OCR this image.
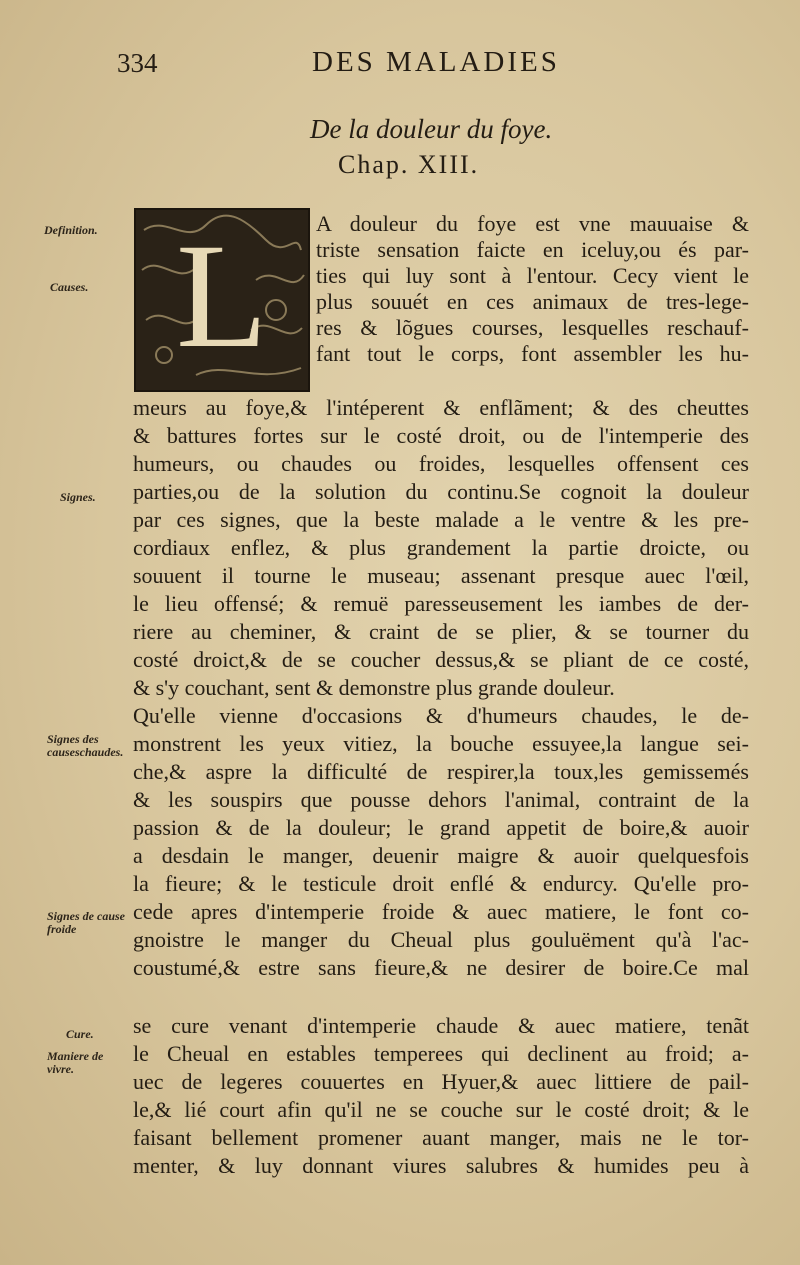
334	DES MALADIES
De la douleur du foye.
Chap. XIII.
L
Definition.
Causes.
Signes.
Signes des causeschaudes.
Signes de cause froide
Cure.
Maniere de vivre.
A douleur du foye est vne mauuaise &
triste sensation faicte en iceluy,ou és par-
ties qui luy sont à l'entour. Cecy vient le
plus souuét en ces animaux de tres-lege-
res & lõgues courses, lesquelles reschauf-
fant tout le corps, font assembler les hu-
meurs au foye,& l'intéperent & enflãment; & des cheuttes
& battures fortes sur le costé droit, ou de l'intemperie des
humeurs, ou chaudes ou froides, lesquelles offensent ces
parties,ou de la solution du continu.Se cognoit la douleur
par ces signes, que la beste malade a le ventre & les pre-
cordiaux enflez, & plus grandement la partie droicte, ou
souuent il tourne le museau; assenant presque auec l'œil,
le lieu offensé; & remuë paresseusement les iambes de der-
riere au cheminer, & craint de se plier, & se tourner du
costé droict,& de se coucher dessus,& se pliant de ce costé,
& s'y couchant, sent & demonstre plus grande douleur.
Qu'elle vienne d'occasions & d'humeurs chaudes, le de-
monstrent les yeux vitiez, la bouche essuyee,la langue sei-
che,& aspre la difficulté de respirer,la toux,les gemissemés
& les souspirs que pousse dehors l'animal, contraint de la
passion & de la douleur; le grand appetit de boire,& auoir
a desdain le manger, deuenir maigre & auoir quelquesfois
la fieure; & le testicule droit enflé & endurcy. Qu'elle pro-
cede apres d'intemperie froide & auec matiere, le font co-
gnoistre le manger du Cheual plus gouluëment qu'à l'ac-
coustumé,& estre sans fieure,& ne desirer de boire.Ce mal
se cure venant d'intemperie chaude & auec matiere, tenãt
le Cheual en estables temperees qui declinent au froid; a-
uec de legeres couuertes en Hyuer,& auec littiere de pail-
le,& lié court afin qu'il ne se couche sur le costé droit; & le
faisant bellement promener auant manger, mais ne le tor-
menter, & luy donnant viures salubres & humides peu à
